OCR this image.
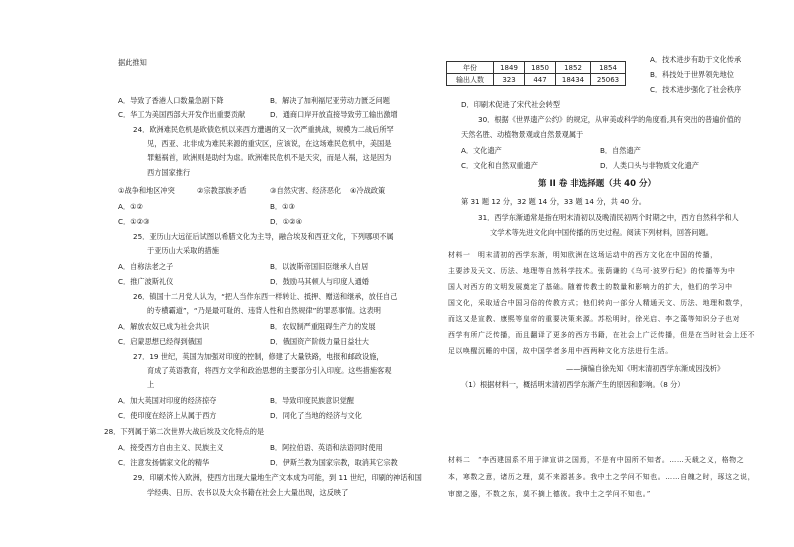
据此推知
A．导致了香港人口数量急剧下降	B．解决了加利福尼亚劳动力匮乏问题
C．华工为美国西部大开发作出重要贡献	D．通商口岸开放直接导致劳工输出激增
24．欧洲难民危机是欧债危机以来西方遭遇的又一次严重挑战，规模为二战后所罕
见，西亚、北非成为难民来源的重灾区，应该说，在这场难民危机中，美国是
罪魁祸首，欧洲则是助纣为虐。欧洲难民危机不是天灾，而是人祸，这是因为
西方国家推行
①战争和地区冲突	②宗教部族矛盾	③自然灾害、经济恶化 ④冷战政策
A．①②	B．①③
C．①②③	D．①②④
25．亚历山大远征后试图以希腊文化为主导，融合埃及和西亚文化，下列哪项不属
于亚历山大采取的措施
A．自称法老之子	B．以波斯帝国旧臣继承人自居
C．推广波斯礼仪	D．鼓励马其顿人与印度人通婚
26．镇国十二月党人认为，“把人当作东西一样转让、抵押、赠送和继承，放任自己
的专横霸道”，“乃是最可耻的、违背人性和自然规律”的罪恶事情。这表明
A．解放农奴已成为社会共识	B．农奴制严重阻碍生产力的发展
C．启蒙思想已经得到俄国	D．俄国资产阶级力量日益壮大
27．19 世纪，英国为加强对印度的控制，修建了大量铁路，电报和邮政设施，
育成了英语教育，将西方文学和政治思想的主要部分引入印度。这些措施客观
上
A．加大英国对印度的经济掠夺	B．导致印度民族意识觉醒
C．使印度在经济上从属于西方	D．同化了当地的经济与文化
28．下列属于第二次世界大战后埃及文化特点的是
A．接受西方自由主义、民族主义	B．阿拉伯语、英语和法语同时使用
C．注意发扬儒家文化的精华	D．伊斯兰教为国家宗教，取消其它宗教
29．印刷术传入欧洲，使西方出现大量地生产文本成为可能，到 11 世纪，印刷的神话和国
学经典、日历、农书以及大众书籍在社会上大量出现，这反映了
年份	1849	1850	1852	1854
输出人数	323	447	18434	25063
A．技术进步有助于文化传承
B．科技处于世界领先地位
C．技术进步强化了社会秩序
D．印刷术促进了宋代社会转型
30．根据《世界遗产公约》的规定，从审美或科学的角度看,具有突出的普遍价值的
天然名胜、动植物景观或自然景观属于
A．文化遗产	B．自然遗产
C．文化和自然双重遗产	D．人类口头与非物质文化遗产
第 II 卷 非选择题（共 40 分）
第 31 题 12 分，32 题 14 分，33 题 14 分，共 40 分。
31．西学东渐通常是指在明末清初以及晚清民初两个时期之中，西方自然科学和人
文学术等先进文化向中国传播的历史过程。阅读下列材料，回答问题。
材料一　明末清初的西学东渐，明知欧洲在这场运动中的西方文化在中国的传播，
主要涉及天文、历法、地理等自然科学技术。张荫谦的《乌可·波罗行纪》的传播等为中
国人对西方的文明发展奠定了基础。随着传教士的数量和影响力的扩大，他们的学习中
国文化，采取适合中国习俗的传教方式；他们转向一部分人精通天文、历法、地理和数学，
而这又是宣教、康熙等皇帝的重要决策来源。苏松明时，徐光启、李之藻等知识分子也对
西学有所广泛传播，而且翻译了更多的西方书籍，在社会上广泛传播，但是在当时社会上还不
足以唤醒沉睡的中国，故中国学者多用中西两种文化方法进行生活。
——摘编自徐先知《明末清初西学东渐成因浅析》
（1）根据材料一，概括明末清初西学东渐产生的原因和影响。（8 分）
材料二　“李西建国系不用于津宣讲之国焉，不是有中国所不知者。……天载之义，格物之
本，寒数之意，诸历之理，莫不来源甚多。我中土之学问不知也。……自魄之时，琢这之说，
审窗之器，不数之东，莫不摘上德彼。我中土之学问不知也。”
